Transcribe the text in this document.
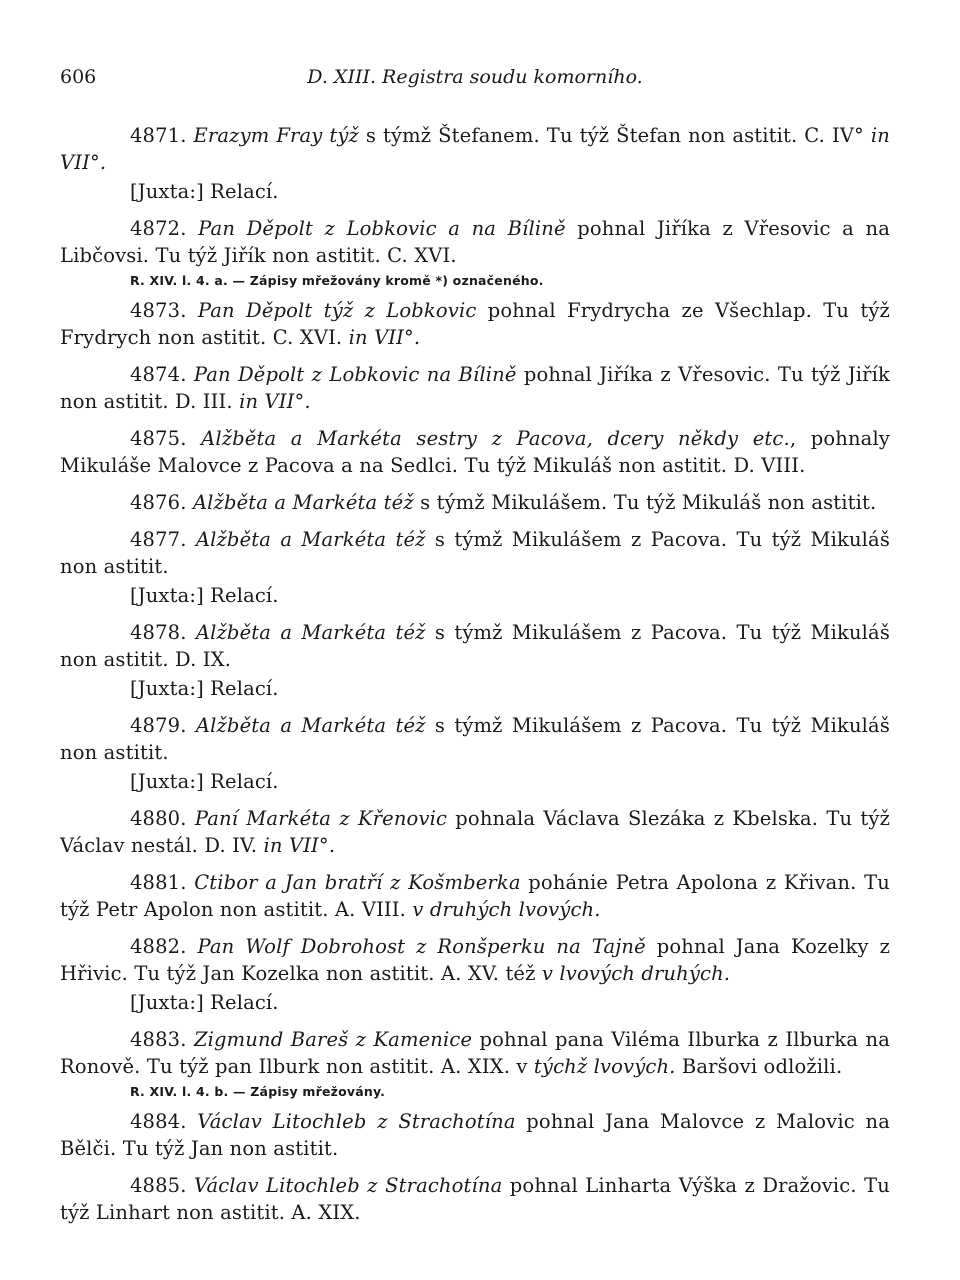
606	D. XIII. Registra soudu komorního.

4871. Erazym Fray týž s týmž Štefanem. Tu týž Štefan non astitit. C. IV° in VII°.

[Juxta:] Relací.

4872. Pan Děpolt z Lobkovic a na Bílině pohnal Jiříka z Vřesovic a na Libčovsi. Tu týž Jiřík non astitit. C. XVI.

R. XIV. l. 4. a. — Zápisy mřežovány kromě *) označeného.

4873. Pan Děpolt týž z Lobkovic pohnal Frydrycha ze Všechlap. Tu týž Frydrych non astitit. C. XVI. in VII°.

4874. Pan Děpolt z Lobkovic na Bílině pohnal Jiříka z Vřesovic. Tu týž Jiřík non astitit. D. III. in VII°.

4875. Alžběta a Markéta sestry z Pacova, dcery někdy etc., pohnaly Mikuláše Malovce z Pacova a na Sedlci. Tu týž Mikuláš non astitit. D. VIII.

4876. Alžběta a Markéta též s týmž Mikulášem. Tu týž Mikuláš non astitit.

4877. Alžběta a Markéta též s týmž Mikulášem z Pacova. Tu týž Mikuláš non astitit.

[Juxta:] Relací.

4878. Alžběta a Markéta též s týmž Mikulášem z Pacova. Tu týž Mikuláš non astitit. D. IX.

[Juxta:] Relací.

4879. Alžběta a Markéta též s týmž Mikulášem z Pacova. Tu týž Mikuláš non astitit.

[Juxta:] Relací.

4880. Paní Markéta z Křenovic pohnala Václava Slezáka z Kbelska. Tu týž Václav nestál. D. IV. in VII°.

4881. Ctibor a Jan bratří z Košmberka pohánie Petra Apolona z Křivan. Tu týž Petr Apolon non astitit. A. VIII. v druhých lvových.

4882. Pan Wolf Dobrohost z Ronšperku na Tajně pohnal Jana Kozelky z Hřivic. Tu týž Jan Kozelka non astitit. A. XV. též v lvových druhých.

[Juxta:] Relací.

4883. Zigmund Bareš z Kamenice pohnal pana Viléma Ilburka z Ilburka na Ronově. Tu týž pan Ilburk non astitit. A. XIX. v týchž lvových. Baršovi odložili.

R. XIV. l. 4. b. — Zápisy mřežovány.

4884. Václav Litochleb z Strachotína pohnal Jana Malovce z Malovic na Bělči. Tu týž Jan non astitit.

4885. Václav Litochleb z Strachotína pohnal Linharta Výška z Dražovic. Tu týž Linhart non astitit. A. XIX.
